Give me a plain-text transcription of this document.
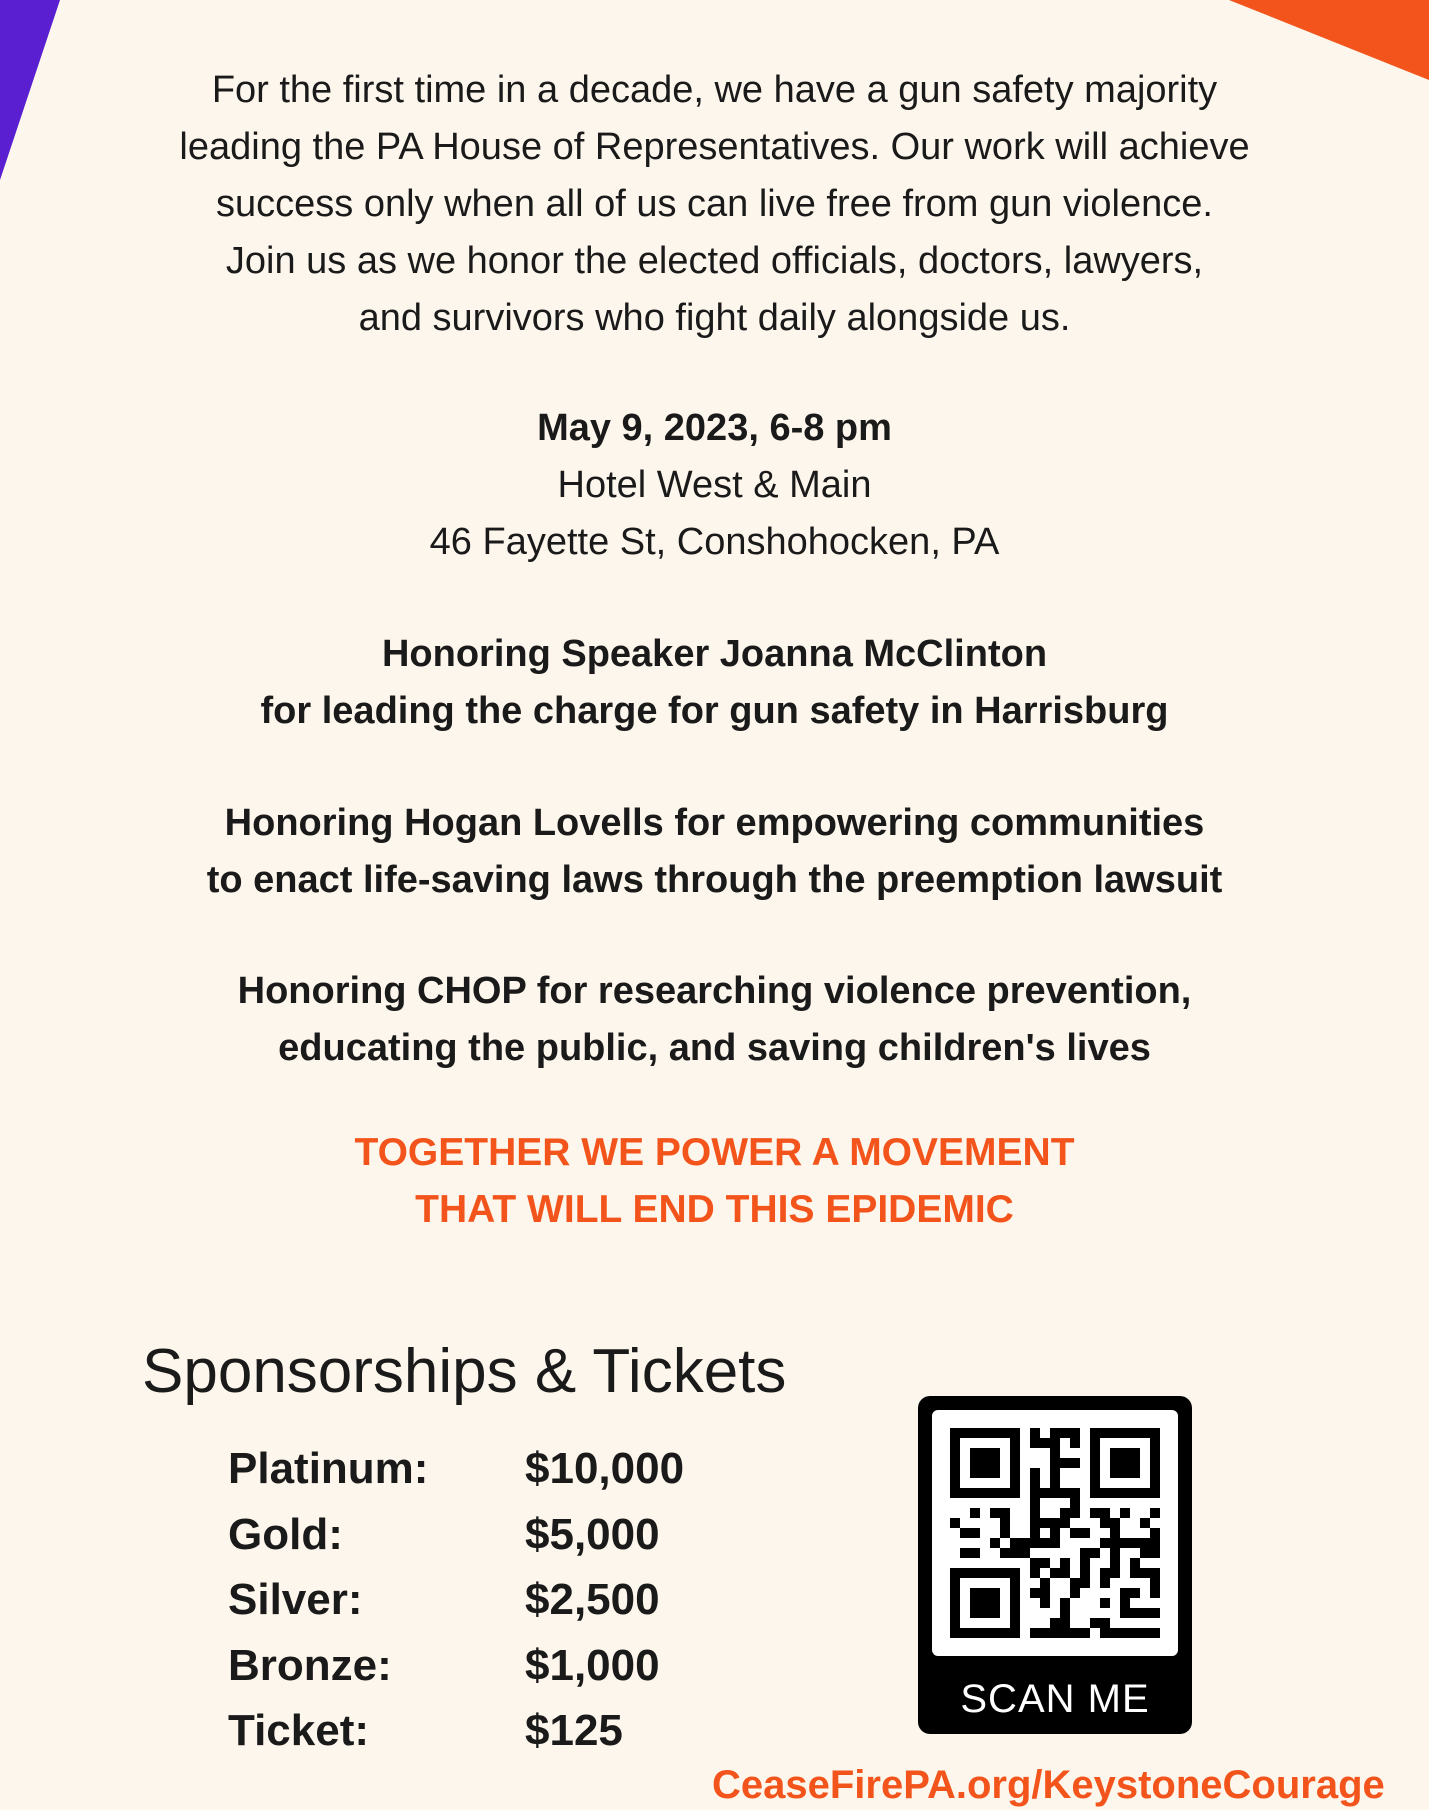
For the first time in a decade, we have a gun safety majority

leading the PA House of Representatives. Our work will achieve

success only when all of us can live free from gun violence.

Join us as we honor the elected officials, doctors, lawyers,

and survivors who fight daily alongside us.

May 9, 2023, 6-8 pm
Hotel West & Main
46 Fayette St, Conshohocken, PA
Honoring Speaker Joanna McClinton
for leading the charge for gun safety in Harrisburg
Honoring Hogan Lovells for empowering communities
to enact life-saving laws through the preemption lawsuit
Honoring CHOP for researching violence prevention,
educating the public, and saving children's lives
TOGETHER WE POWER A MOVEMENT
THAT WILL END THIS EPIDEMIC
Sponsorships & Tickets
Platinum:	$10,000
Gold:	$5,000
Silver:	$2,500
Bronze:	$1,000
Ticket:	$125
SCAN ME
CeaseFirePA.org/KeystoneCourage
